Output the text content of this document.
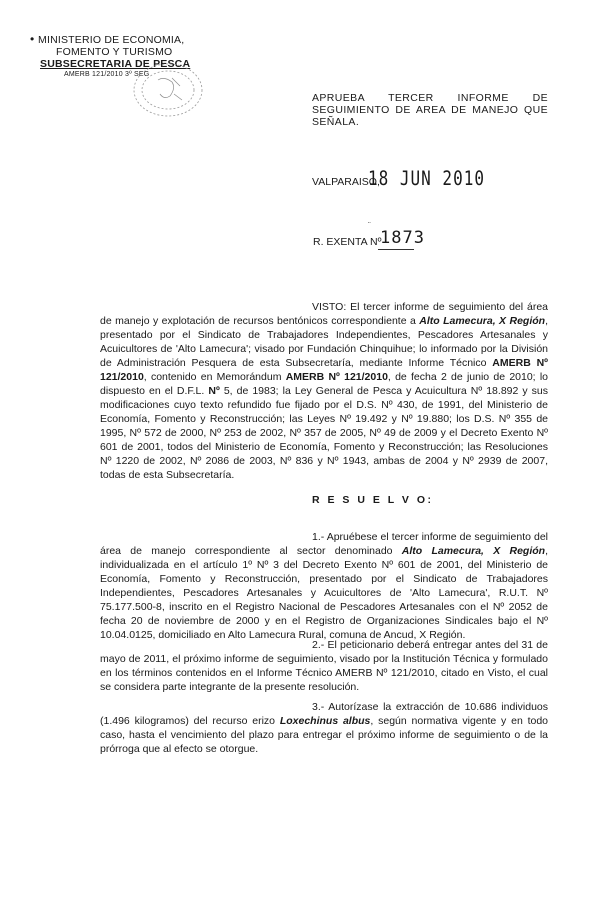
• MINISTERIO DE ECONOMIA,
FOMENTO Y TURISMO
SUBSECRETARIA DE PESCA
AMERB 121/2010 3º SEG
APRUEBA TERCER INFORME DE SEGUIMIENTO DE AREA DE MANEJO QUE SEÑALA.
VALPARAISO,
18 JUN 2010
¨
R. EXENTA Nº
1873
VISTO: El tercer informe de seguimiento del área de manejo y explotación de recursos bentónicos correspondiente a Alto Lamecura, X Región, presentado por el Sindicato de Trabajadores Independientes, Pescadores Artesanales y Acuicultores de 'Alto Lamecura'; visado por Fundación Chinquihue; lo informado por la División de Administración Pesquera de esta Subsecretaría, mediante Informe Técnico AMERB Nº 121/2010, contenido en Memorándum AMERB Nº 121/2010, de fecha 2 de junio de 2010; lo dispuesto en el D.F.L. Nº 5, de 1983; la Ley General de Pesca y Acuicultura Nº 18.892 y sus modificaciones cuyo texto refundido fue fijado por el D.S. Nº 430, de 1991, del Ministerio de Economía, Fomento y Reconstrucción; las Leyes Nº 19.492 y Nº 19.880; los D.S. Nº 355 de 1995, Nº 572 de 2000, Nº 253 de 2002, Nº 357 de 2005, Nº 49 de 2009 y el Decreto Exento Nº 601 de 2001, todos del Ministerio de Economía, Fomento y Reconstrucción; las Resoluciones Nº 1220 de 2002, Nº 2086 de 2003, Nº 836 y Nº 1943, ambas de 2004 y Nº 2939 de 2007, todas de esta Subsecretaría.
R E S U E L V O:
1.- Apruébese el tercer informe de seguimiento del área de manejo correspondiente al sector denominado Alto Lamecura, X Región, individualizada en el artículo 1º Nº 3 del Decreto Exento Nº 601 de 2001, del Ministerio de Economía, Fomento y Reconstrucción, presentado por el Sindicato de Trabajadores Independientes, Pescadores Artesanales y Acuicultores de 'Alto Lamecura', R.U.T. Nº 75.177.500-8, inscrito en el Registro Nacional de Pescadores Artesanales con el Nº 2052 de fecha 20 de noviembre de 2000 y en el Registro de Organizaciones Sindicales bajo el Nº 10.04.0125, domiciliado en Alto Lamecura Rural, comuna de Ancud, X Región.
2.- El peticionario deberá entregar antes del 31 de mayo de 2011, el próximo informe de seguimiento, visado por la Institución Técnica y formulado en los términos contenidos en el Informe Técnico AMERB Nº 121/2010, citado en Visto, el cual se considera parte integrante de la presente resolución.
3.- Autorízase la extracción de 10.686 individuos (1.496 kilogramos) del recurso erizo Loxechinus albus, según normativa vigente y en todo caso, hasta el vencimiento del plazo para entregar el próximo informe de seguimiento o de la prórroga que al efecto se otorgue.
